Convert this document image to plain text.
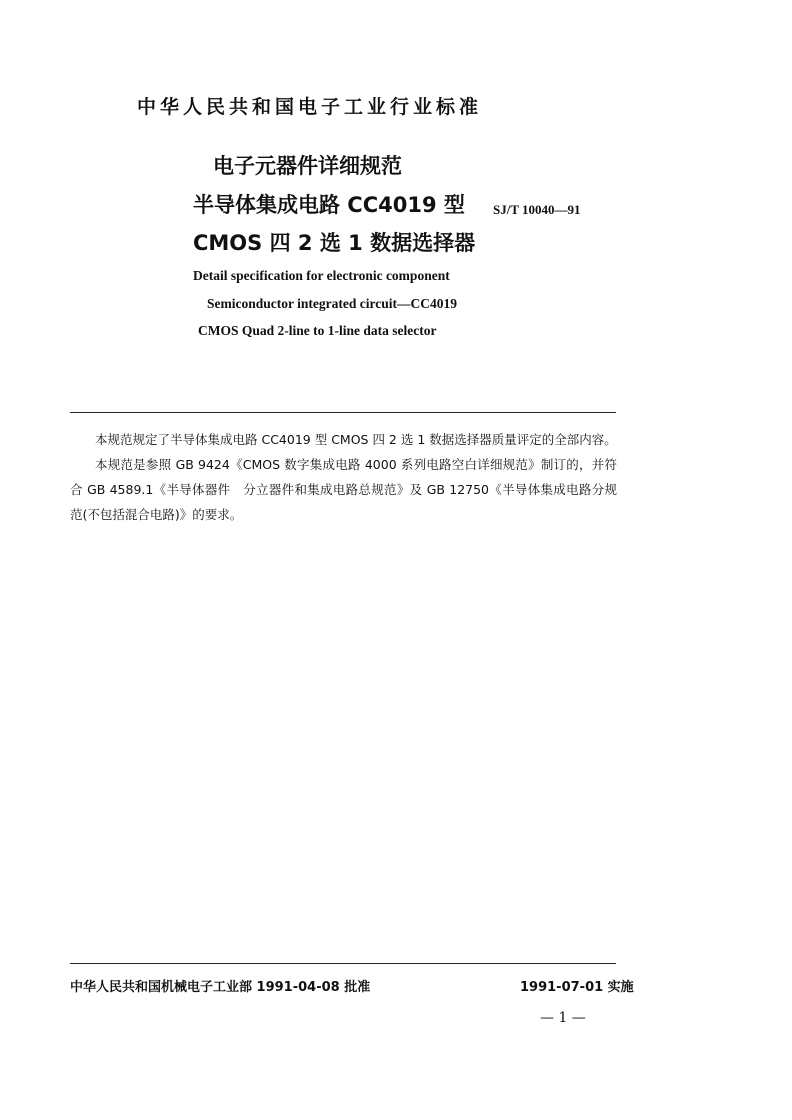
中华人民共和国电子工业行业标准
电子元器件详细规范
半导体集成电路 CC4019 型
CMOS 四 2 选 1 数据选择器
SJ/T 10040—91
Detail specification for electronic component
Semiconductor integrated circuit—CC4019
CMOS Quad 2-line to 1-line data selector

本规范规定了半导体集成电路 CC4019 型 CMOS 四 2 选 1 数据选择器质量评定的全部内容。

本规范是参照 GB 9424《CMOS 数字集成电路 4000 系列电路空白详细规范》制订的，并符合 GB 4589.1《半导体器件　分立器件和集成电路总规范》及 GB 12750《半导体集成电路分规范(不包括混合电路)》的要求。

中华人民共和国机械电子工业部 1991-04-08 批准	1991-07-01 实施
— 1 —
